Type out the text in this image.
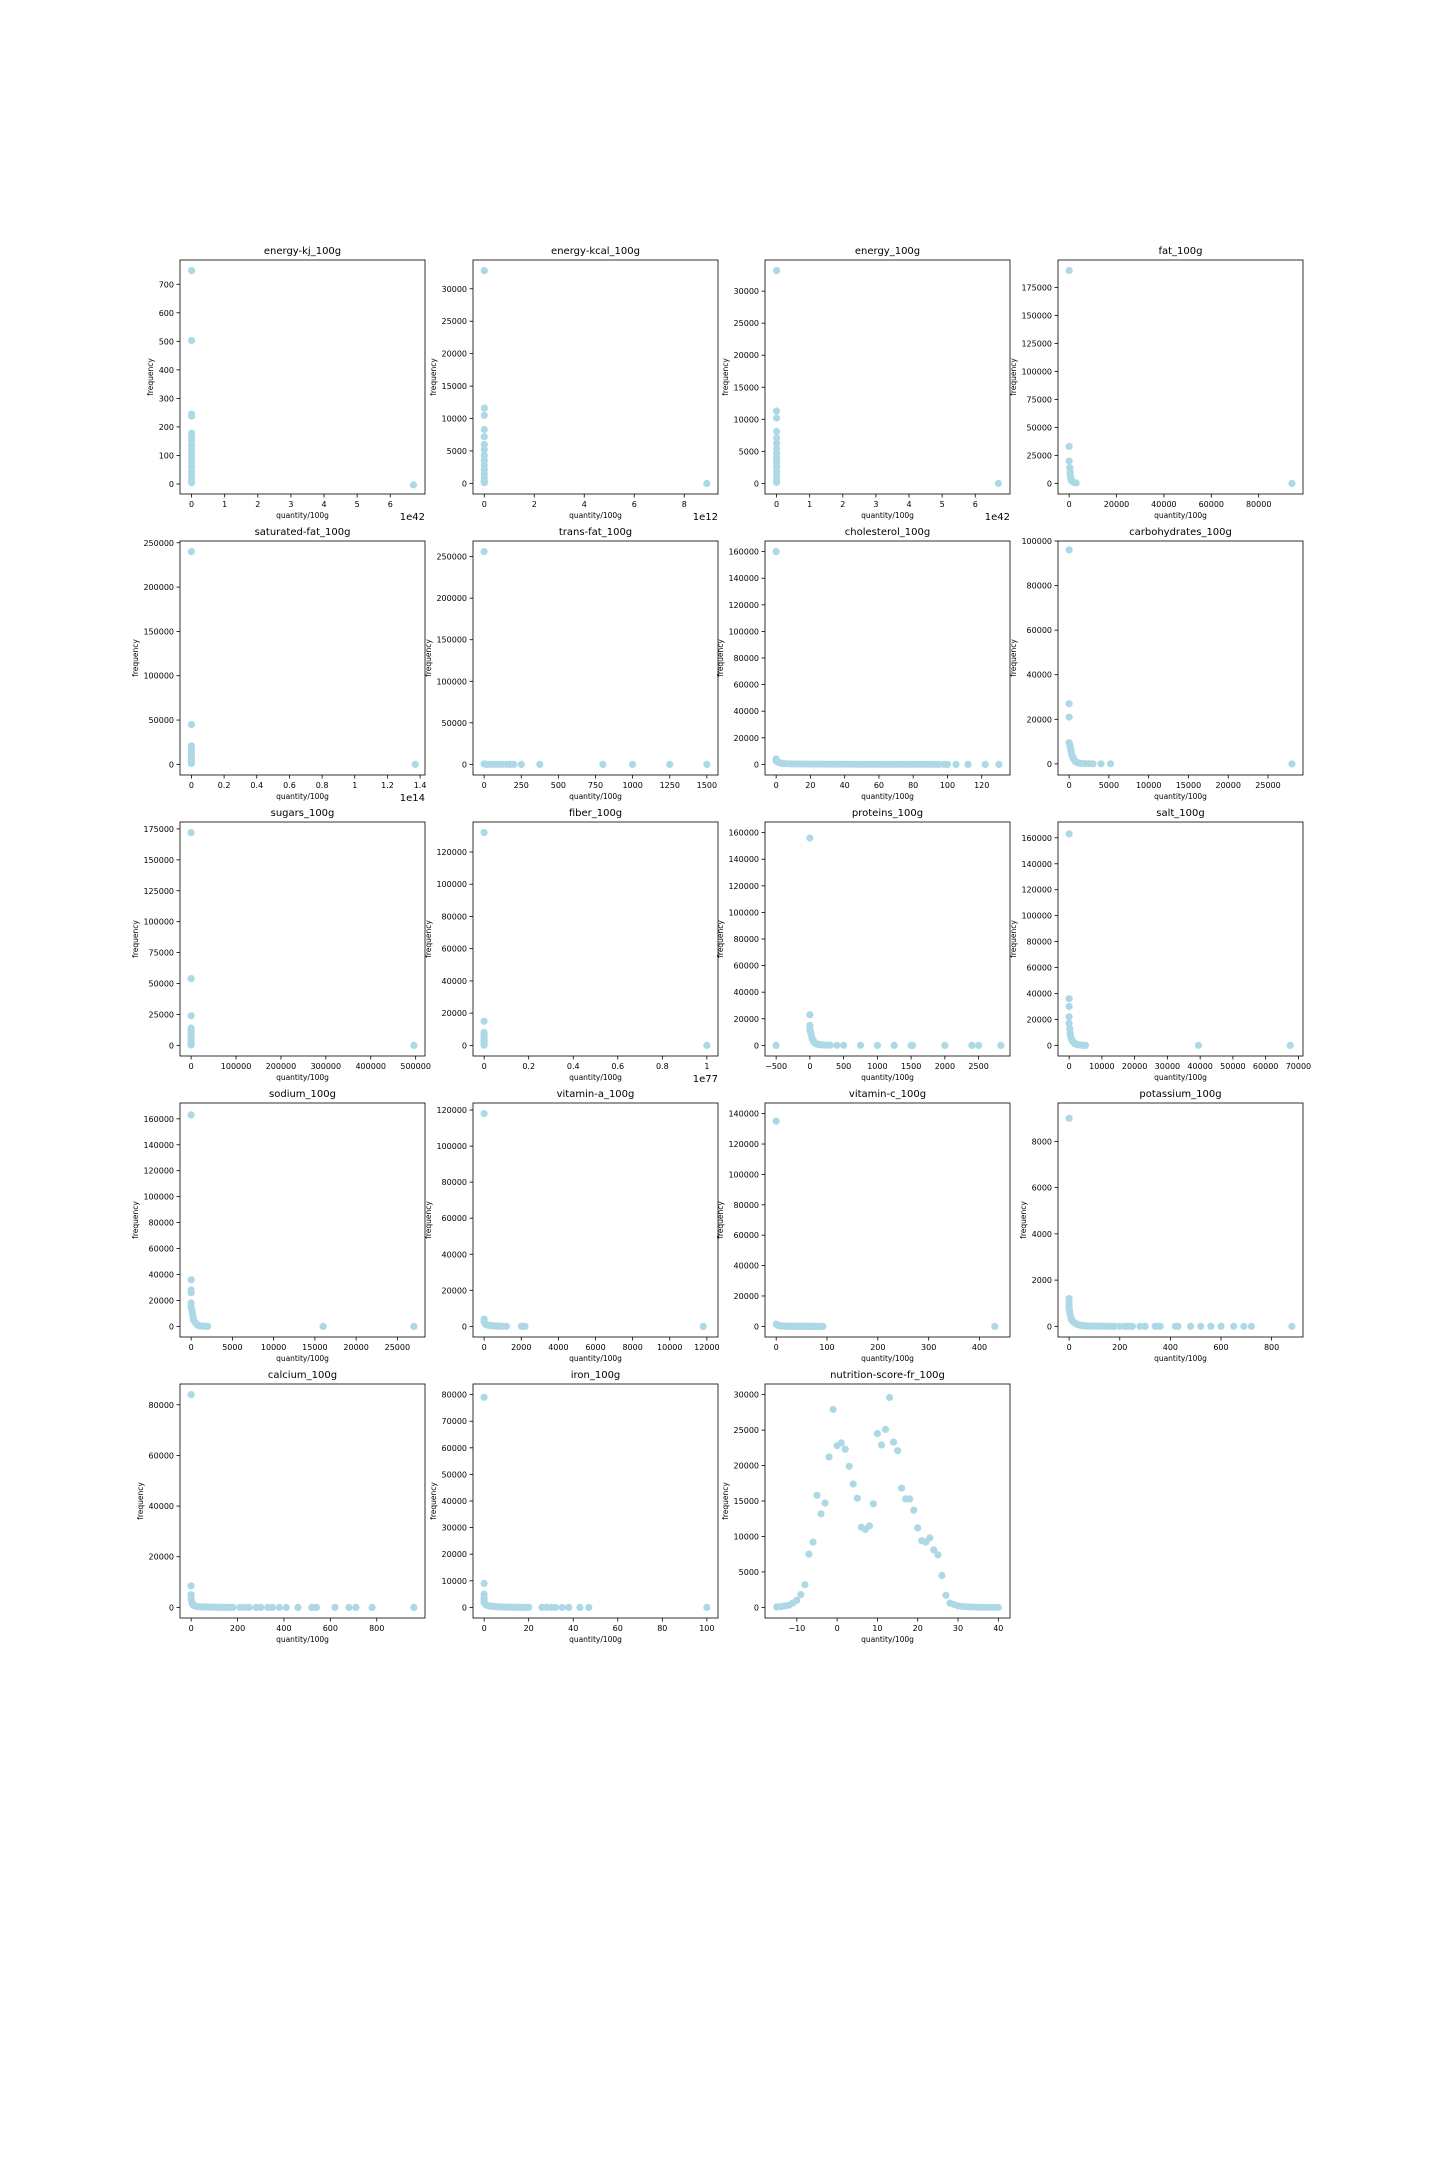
energy-kj_100g
0	1	2	3	4	5	6
0
100
200
300
400
500
600
700
quantity/100g
frequency
1e42
energy-kcal_100g
0	2	4	6	8
0
5000
10000
15000
20000
25000
30000
quantity/100g
frequency
1e12
energy_100g
0	1	2	3	4	5	6
0
5000
10000
15000
20000
25000
30000
quantity/100g
frequency
1e42
fat_100g
0	20000	40000	60000	80000
0
25000
50000
75000
100000
125000
150000
175000
quantity/100g
frequency
saturated-fat_100g
0	0.2 0.4 0.6 0.8	1	1.2 1.4
0
50000
100000
150000
200000
250000
quantity/100g
frequency
1e14
trans-fat_100g
0	250	500	750 1000 1250 1500
0
50000
100000
150000
200000
250000
quantity/100g
frequency
cholesterol_100g
0	20	40	60	80	100 120
0
20000
40000
60000
80000
100000
120000
140000
160000
quantity/100g
frequency
carbohydrates_100g
0	5000 10000 15000 20000 25000
0
20000
40000
60000
80000
100000
quantity/100g
frequency
sugars_100g
0	100000 200000 300000 400000 500000
0
25000
50000
75000
100000
125000
150000
175000
quantity/100g
frequency
fiber_100g
0	0.2	0.4	0.6	0.8	1
0
20000
40000
60000
80000
100000
120000
quantity/100g
frequency
1e77
proteins_100g
−500	0	500 1000 1500 2000 2500
0
20000
40000
60000
80000
100000
120000
140000
160000
quantity/100g
frequency
salt_100g
0 10000 20000 30000 40000 50000 60000 70000
0
20000
40000
60000
80000
100000
120000
140000
160000
quantity/100g
frequency
sodium_100g
0	5000 10000 15000 20000 25000
0
20000
40000
60000
80000
100000
120000
140000
160000
quantity/100g
frequency
vitamin-a_100g
0	2000 4000 6000 8000 10000 12000
0
20000
40000
60000
80000
100000
120000
quantity/100g
frequency
vitamin-c_100g
0	100	200	300	400
0
20000
40000
60000
80000
100000
120000
140000
quantity/100g
frequency
potassium_100g
0	200	400	600	800
0
2000
4000
6000
8000
quantity/100g
frequency
calcium_100g
0	200	400	600	800
0
20000
40000
60000
80000
quantity/100g
frequency
iron_100g
0	20	40	60	80	100
0
10000
20000
30000
40000
50000
60000
70000
80000
quantity/100g
frequency
nutrition-score-fr_100g
−10	0	10	20	30	40
0
5000
10000
15000
20000
25000
30000
quantity/100g
frequency
